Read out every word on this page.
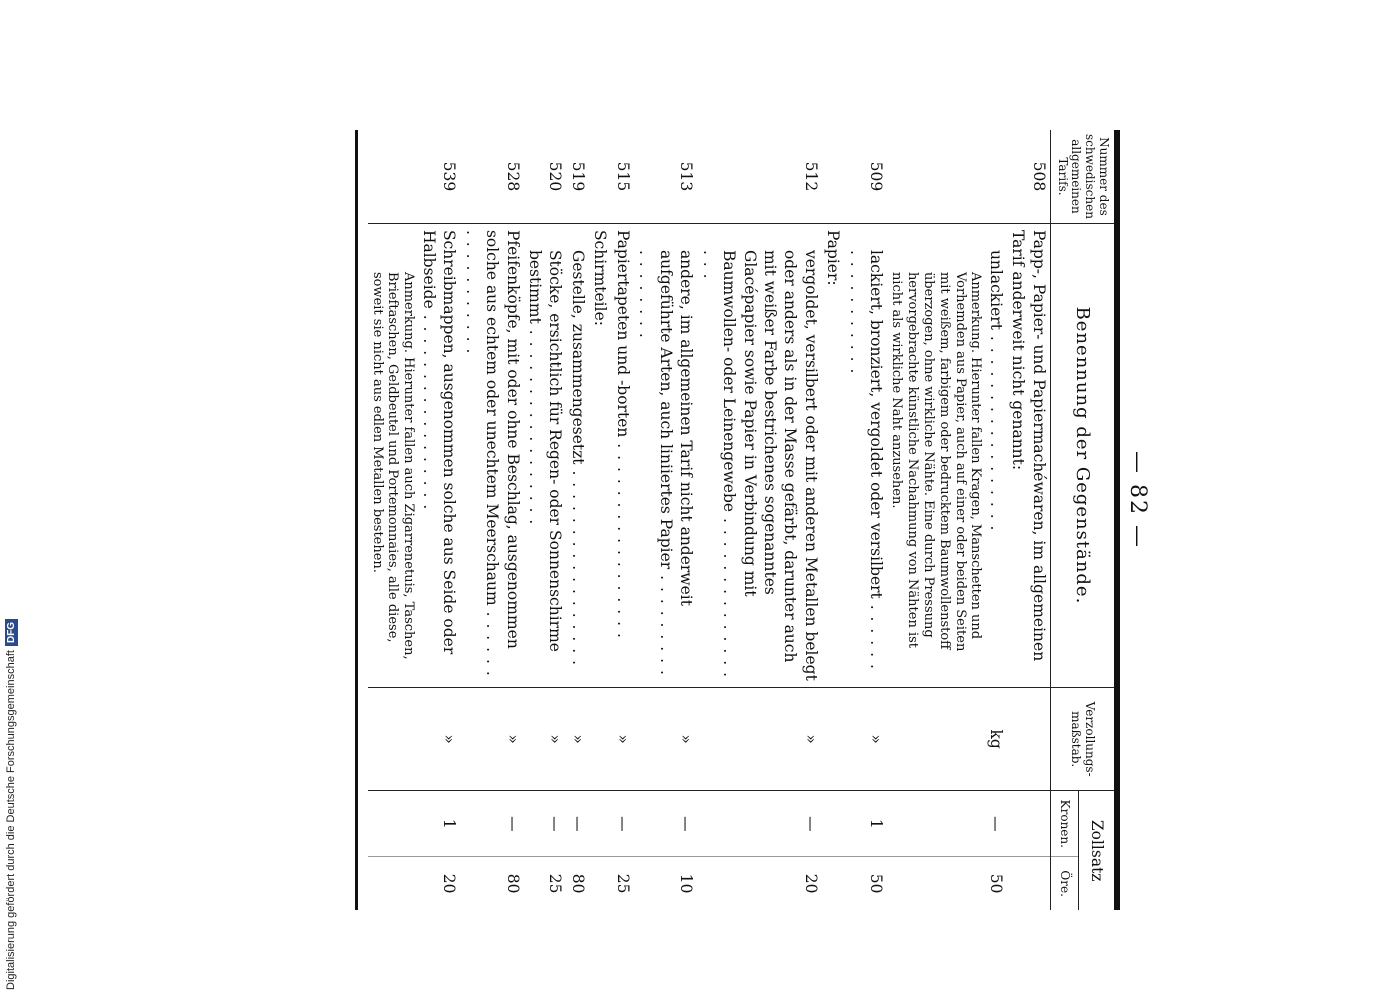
— 82 —
Nummer des schwedischen allgemeinen Tarifs.	Benennung der Gegenstände.	Verzollungs-maßstab.	Zollsatz	
			Kronen.	Öre.
508	Papp-, Papier- und Papiermachéwaren, im allgemeinen Tarif anderweit nicht genannt:			
	unlackiert . . .	kg	—	50
	Anmerkung. Hierunter fallen Kragen, Manschetten und Vorhemden aus Papier, auch auf einer oder beiden Seiten mit weißem, farbigem oder bedrucktem Baumwollenstoff überzogen, ohne wirkliche Nähte. Eine durch Pressung hervorgebrachte künstliche Nachahmung von Nähten ist nicht als wirkliche Naht anzusehen.			
509	lackiert, bronziert, vergoldet oder versilbert . . .	»	1	50
	Papier:			
512	vergoldet, versilbert oder mit anderen Metallen belegt oder anders als in der Masse gefärbt, darunter auch mit weißer Farbe bestrichenes sogenanntes Glacépapier sowie Papier in Verbindung mit Baumwollen- oder Leinengewebe . . .	»	—	20
513	andere, im allgemeinen Tarif nicht anderweit aufgeführte Arten, auch liniiertes Papier . . .	»	—	10
515	Papiertapeten und -borten . . .	»	—	25
	Schirmteile:			
519	Gestelle, zusammengesetzt . . .	»	—	80
520	Stöcke, ersichtlich für Regen- oder Sonnenschirme bestimmt . . .	»	—	25
528	Pfeifenköpfe, mit oder ohne Beschlag, ausgenommen solche aus echtem oder unechtem Meerschaum . . .	»	—	80
539	Schreibmappen, ausgenommen solche aus Seide oder Halbseide . . .	»	1	20
	Anmerkung. Hierunter fallen auch Zigarrenetuis, Taschen, Brieftaschen, Geldbeutel und Portemonnaies, alle diese, soweit sie nicht aus edlen Metallen bestehen.			

Digitalisierung gefördert durch die Deutsche Forschungsgemeinschaft
DFG
